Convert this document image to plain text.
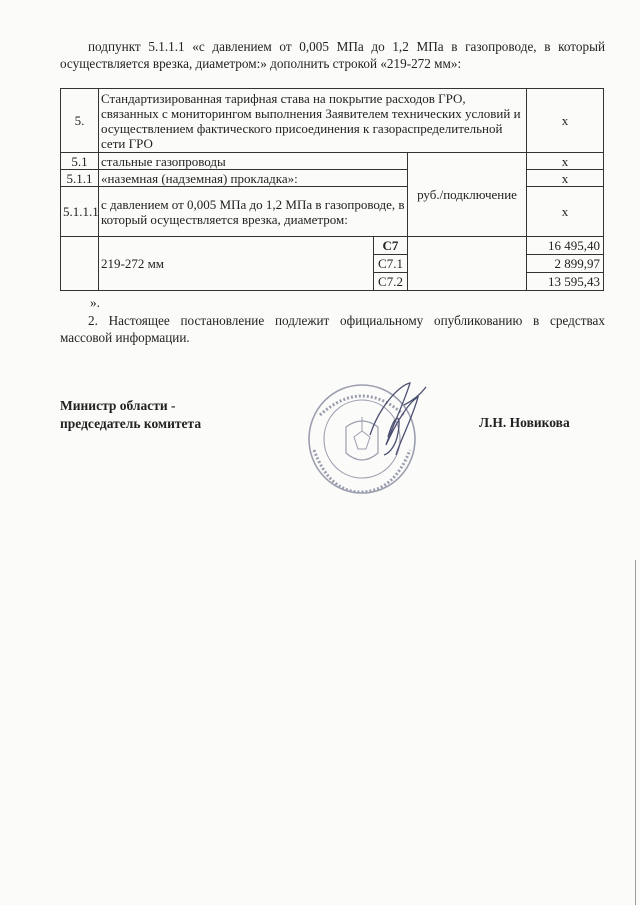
подпункт 5.1.1.1 «с давлением от 0,005 МПа до 1,2 МПа в газопроводе, в который осуществляется врезка, диаметром:» дополнить строкой «219-272 мм»:
5.	Стандартизированная тарифная става на покрытие расходов ГРО, связанных с мониторингом выполнения Заявителем технических условий и осуществлением фактического присоединения к газораспределительной сети ГРО			х
5.1	стальные газопроводы		руб./подключение	х
5.1.1	«наземная (надземная) прокладка»:			х
5.1.1.1	с давлением от 0,005 МПа до 1,2 МПа в газопроводе, в который осуществляется врезка, диаметром:			х
	219-272 мм	С7		16 495,40
		С7.1		2 899,97
		С7.2		13 595,43
».
2. Настоящее постановление подлежит официальному опубликованию в средствах массовой информации.
Министр области -
председатель комитета	Л.Н. Новикова
